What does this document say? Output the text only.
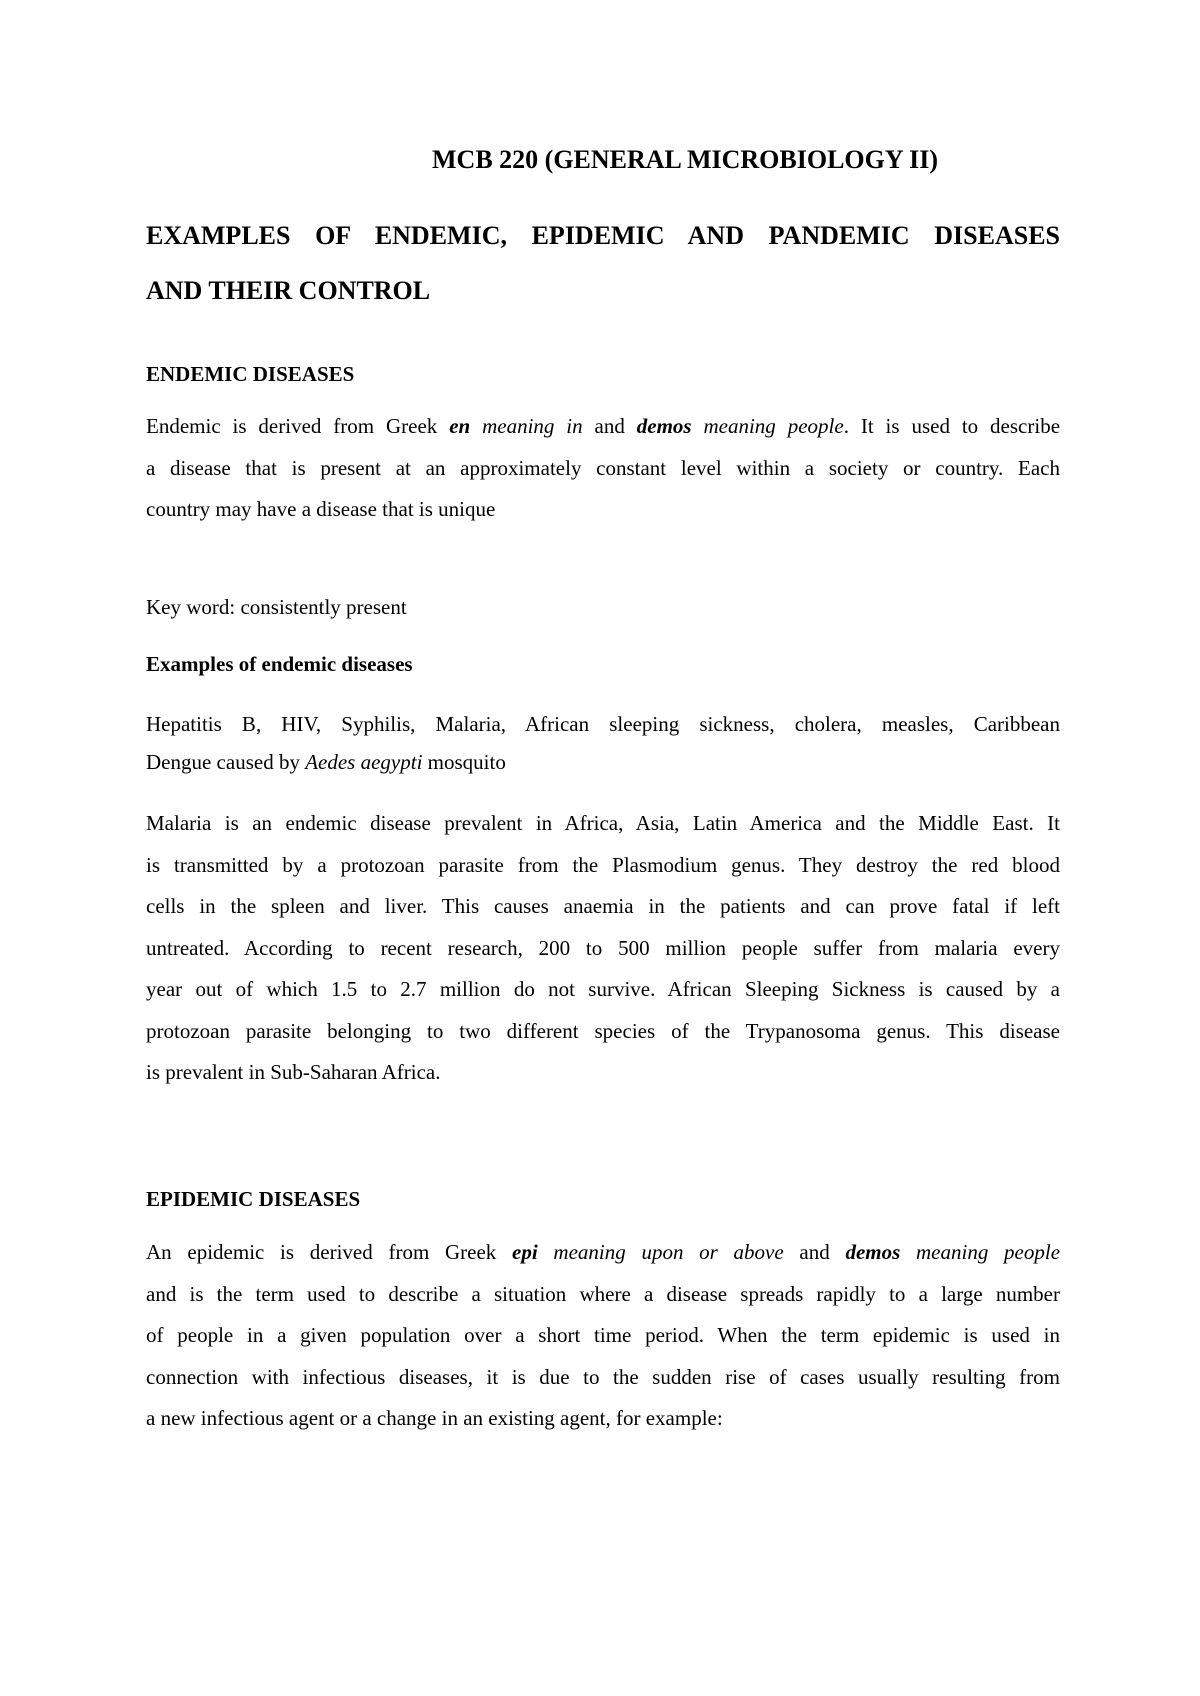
MCB 220 (GENERAL MICROBIOLOGY II)
EXAMPLES OF ENDEMIC, EPIDEMIC AND PANDEMIC DISEASES
AND THEIR CONTROL
ENDEMIC DISEASES

Endemic is derived from Greek en meaning in and demos meaning people. It is used to describe
a disease that is present at an approximately constant level within a society or country. Each
country may have a disease that is unique

Key word: consistently present

Examples of endemic diseases

Hepatitis B, HIV, Syphilis, Malaria, African sleeping sickness, cholera, measles, Caribbean
Dengue caused by Aedes aegypti mosquito

Malaria is an endemic disease prevalent in Africa, Asia, Latin America and the Middle East. It
is transmitted by a protozoan parasite from the Plasmodium genus. They destroy the red blood
cells in the spleen and liver. This causes anaemia in the patients and can prove fatal if left
untreated. According to recent research, 200 to 500 million people suffer from malaria every
year out of which 1.5 to 2.7 million do not survive. African Sleeping Sickness is caused by a
protozoan parasite belonging to two different species of the Trypanosoma genus. This disease
is prevalent in Sub-Saharan Africa.

EPIDEMIC DISEASES

An epidemic is derived from Greek epi meaning upon or above and demos meaning people
and is the term used to describe a situation where a disease spreads rapidly to a large number
of people in a given population over a short time period. When the term epidemic is used in
connection with infectious diseases, it is due to the sudden rise of cases usually resulting from
a new infectious agent or a change in an existing agent, for example:
